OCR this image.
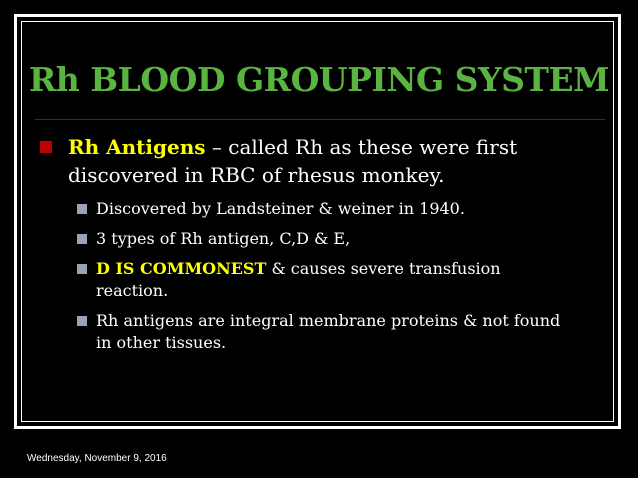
Rh BLOOD GROUPING SYSTEM
Rh Antigens – called Rh as these were first discovered in RBC of rhesus monkey.
Discovered by Landsteiner & weiner in 1940.
3 types of Rh antigen, C,D & E,
D IS COMMONEST & causes severe transfusion reaction.
Rh antigens are integral membrane proteins & not found in other tissues.
Wednesday, November 9, 2016
